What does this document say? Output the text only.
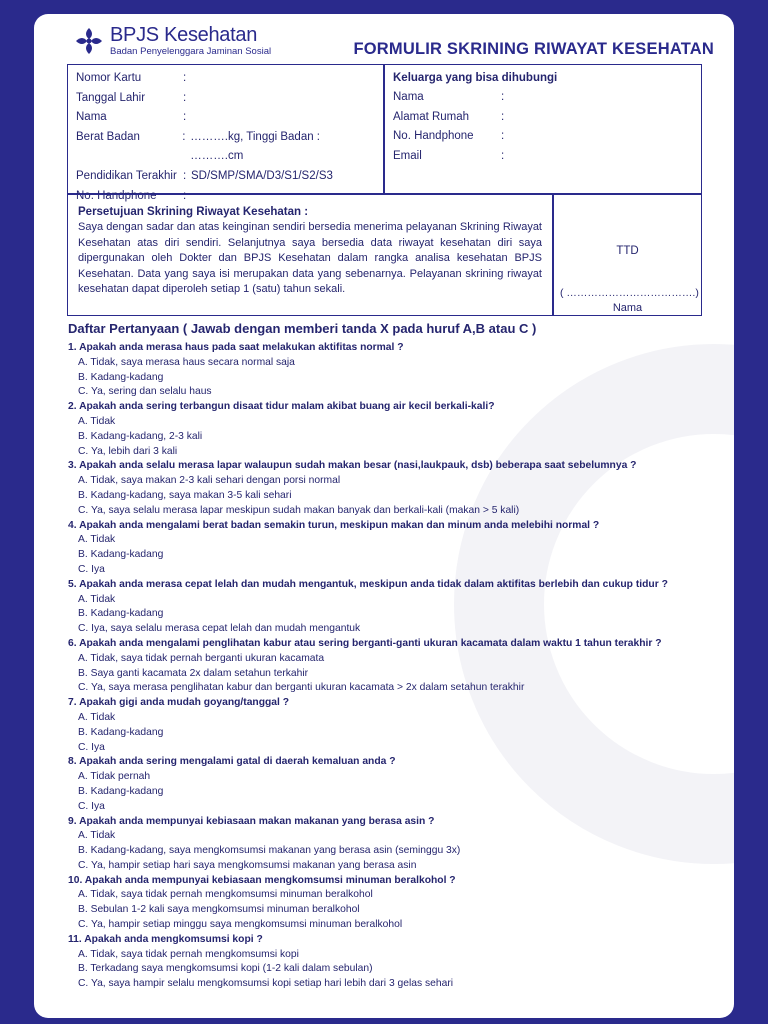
BPJS Kesehatan
Badan Penyelenggara Jaminan Sosial	FORMULIR SKRINING RIWAYAT KESEHATAN
Nomor Kartu	:
Tanggal Lahir	:
Nama	:
Berat Badan	: ……….kg, Tinggi Badan : ……….cm
Pendidikan Terakhir : SD/SMP/SMA/D3/S1/S2/S3
No. Handphone	:
Keluarga yang bisa dihubungi
Nama	:
Alamat Rumah	:
No. Handphone	:
Email	:
Persetujuan Skrining Riwayat Kesehatan :
Saya dengan sadar dan atas keinginan sendiri bersedia menerima pelayanan Skrining Riwayat Kesehatan atas diri sendiri. Selanjutnya saya bersedia data riwayat kesehatan diri saya dipergunakan oleh Dokter dan BPJS Kesehatan dalam rangka analisa kesehatan BPJS Kesehatan. Data yang saya isi merupakan data yang sebenarnya. Pelayanan skrining riwayat kesehatan dapat diperoleh setiap 1 (satu) tahun sekali.
TTD
( ……………………………….)
Nama
Daftar Pertanyaan ( Jawab dengan memberi tanda X pada huruf A,B atau C )
1. Apakah anda merasa haus pada saat melakukan aktifitas normal ?
A. Tidak, saya merasa haus secara normal saja
B. Kadang-kadang
C. Ya, sering dan selalu haus
2. Apakah anda sering terbangun disaat tidur malam akibat buang air kecil berkali-kali?
A. Tidak
B. Kadang-kadang, 2-3 kali
C. Ya, lebih dari 3 kali
3. Apakah anda selalu merasa lapar walaupun sudah makan besar (nasi,laukpauk, dsb) beberapa saat sebelumnya ?
A. Tidak, saya makan 2-3 kali sehari dengan porsi normal
B. Kadang-kadang, saya makan 3-5 kali sehari
C. Ya, saya selalu merasa lapar meskipun sudah makan banyak dan berkali-kali (makan > 5 kali)
4. Apakah anda mengalami berat badan semakin turun, meskipun makan dan minum anda melebihi normal ?
A. Tidak
B. Kadang-kadang
C. Iya
5. Apakah anda merasa cepat lelah dan mudah mengantuk, meskipun anda tidak dalam aktifitas berlebih dan cukup tidur ?
A. Tidak
B. Kadang-kadang
C. Iya, saya selalu merasa cepat lelah dan mudah mengantuk
6. Apakah anda mengalami penglihatan kabur atau sering berganti-ganti ukuran kacamata dalam waktu 1 tahun terakhir ?
A. Tidak, saya tidak pernah berganti ukuran kacamata
B. Saya ganti kacamata 2x dalam setahun terkahir
C. Ya, saya merasa penglihatan kabur dan berganti ukuran kacamata > 2x dalam setahun terakhir
7. Apakah gigi anda mudah goyang/tanggal ?
A. Tidak
B. Kadang-kadang
C. Iya
8. Apakah anda sering mengalami gatal di daerah kemaluan anda ?
A. Tidak pernah
B. Kadang-kadang
C. Iya
9. Apakah anda mempunyai kebiasaan makan makanan yang berasa asin ?
A. Tidak
B. Kadang-kadang, saya mengkomsumsi makanan yang berasa asin (seminggu 3x)
C. Ya, hampir setiap hari saya mengkomsumsi makanan yang berasa asin
10. Apakah anda mempunyai kebiasaan mengkomsumsi minuman beralkohol ?
A. Tidak, saya tidak pernah mengkomsumsi minuman beralkohol
B. Sebulan 1-2 kali saya mengkomsumsi minuman beralkohol
C. Ya, hampir setiap minggu saya mengkomsumsi minuman beralkohol
11. Apakah anda mengkomsumsi kopi ?
A. Tidak, saya tidak pernah mengkomsumsi kopi
B. Terkadang saya mengkomsumsi kopi (1-2 kali dalam sebulan)
C. Ya, saya hampir selalu mengkomsumsi kopi setiap hari lebih dari 3 gelas sehari
